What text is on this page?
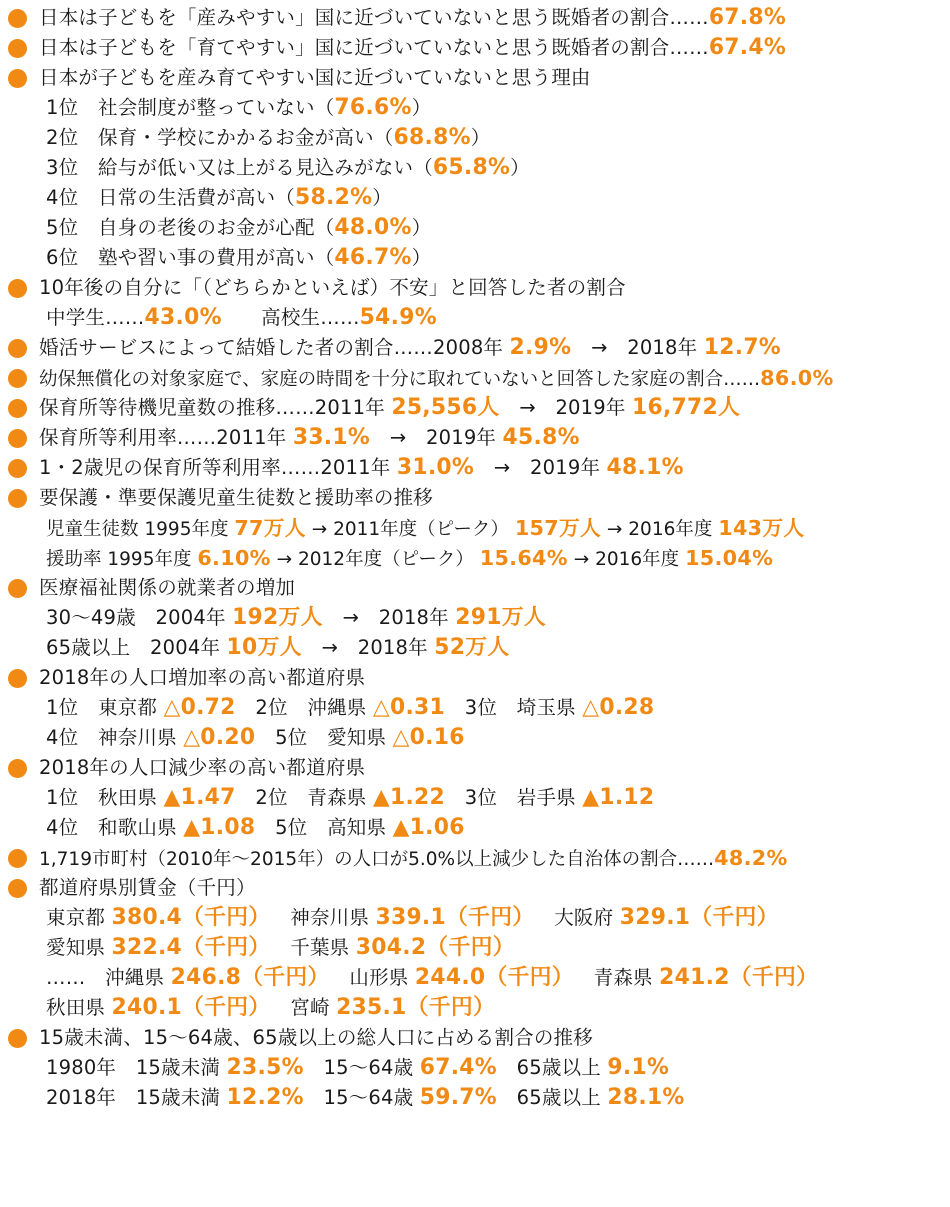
日本は子どもを「産みやすい」国に近づいていないと思う既婚者の割合…… 67.8%
日本は子どもを「育てやすい」国に近づいていないと思う既婚者の割合…… 67.4%
日本が子どもを産み育てやすい国に近づいていないと思う理由
1位　社会制度が整っていない（ 76.6% ）
2位　保育・学校にかかるお金が高い（ 68.8% ）
3位　給与が低い又は上がる見込みがない（ 65.8% ）
4位　日常の生活費が高い（ 58.2% ）
5位　自身の老後のお金が心配（ 48.0% ）
6位　塾や習い事の費用が高い（ 46.7% ）
10年後の自分に「（どちらかといえば）不安」と回答した者の割合
中学生…… 43.0% 　　高校生…… 54.9%
婚活サービスによって結婚した者の割合……2008年 2.9% 　→　2018年 12.7%
幼保無償化の対象家庭で、家庭の時間を十分に取れていないと回答した家庭の割合…… 86.0%
保育所等待機児童数の推移……2011年 25,556人 　→　2019年 16,772人
保育所等利用率……2011年 33.1% 　→　2019年 45.8%
1・2歳児の保育所等利用率……2011年 31.0% 　→　2019年 48.1%
要保護・準要保護児童生徒数と援助率の推移
児童生徒数 1995年度 77万人 → 2011年度（ピーク） 157万人 → 2016年度 143万人
援助率 1995年度 6.10% → 2012年度（ピーク） 15.64% → 2016年度 15.04%
医療福祉関係の就業者の増加
30～49歳　2004年 192万人 　→　2018年 291万人
65歳以上　2004年 10万人 　→　2018年 52万人
2018年の人口増加率の高い都道府県
1位　東京都 △0.72 　2位　沖縄県 △0.31 　3位　埼玉県 △0.28
4位　神奈川県 △0.20 　5位　愛知県 △0.16
2018年の人口減少率の高い都道府県
1位　秋田県 ▲1.47 　2位　青森県 ▲1.22 　3位　岩手県 ▲1.12
4位　和歌山県 ▲1.08 　5位　高知県 ▲1.06
1,719市町村（2010年～2015年）の人口が5.0%以上減少した自治体の割合…… 48.2%
都道府県別賃金（千円）
東京都 380.4（千円） 　神奈川県 339.1（千円） 　大阪府 329.1（千円）
愛知県 322.4（千円） 　千葉県 304.2（千円）
……　沖縄県 246.8（千円） 　山形県 244.0（千円） 　青森県 241.2（千円）
秋田県 240.1（千円） 　宮崎 235.1（千円）
15歳未満、15～64歳、65歳以上の総人口に占める割合の推移
1980年　15歳未満 23.5% 　15～64歳 67.4% 　65歳以上 9.1%
2018年　15歳未満 12.2% 　15～64歳 59.7% 　65歳以上 28.1%
